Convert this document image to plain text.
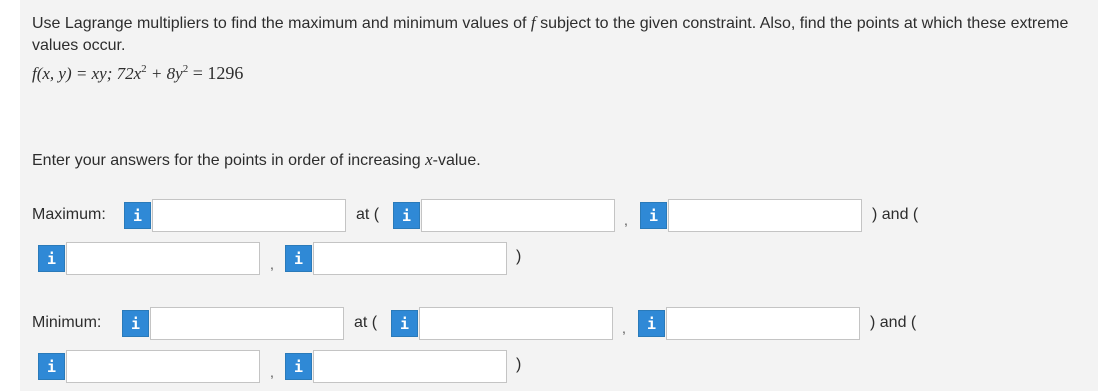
Use Lagrange multipliers to find the maximum and minimum values of f subject to the given constraint. Also, find the points at which these extreme values occur.
f(x, y) = xy; $72x^2 + 8y^2 = 1296$
Enter your answers for the points in order of increasing x-value.
Maximum:	i	at (	i	,	i	) and (
i	,	i	)
Minimum:	i	at (	i	,	i	) and (
i	,	i	)
